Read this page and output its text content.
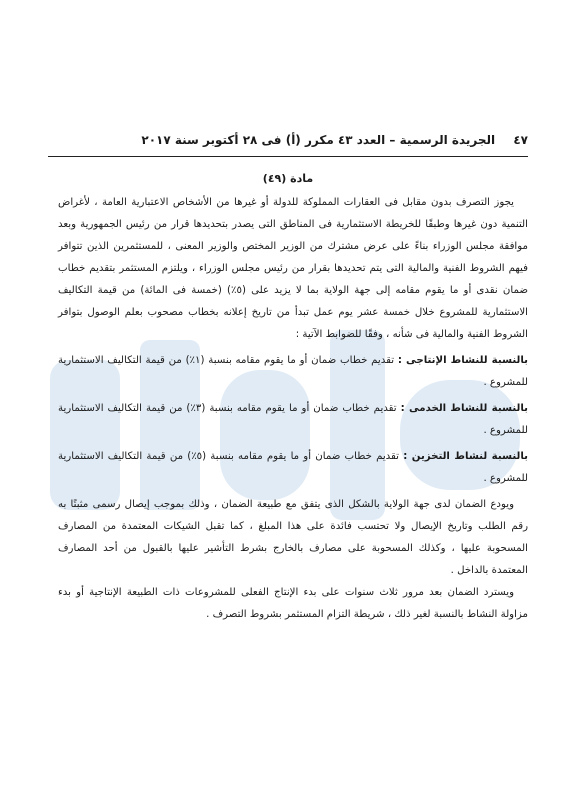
٤٧ الجريدة الرسمية – العدد ٤٣ مكرر (أ) فى ٢٨ أكتوبر سنة ٢٠١٧
مادة (٤٩)

يجوز التصرف بدون مقابل فى العقارات المملوكة للدولة أو غيرها من الأشخاص الاعتبارية العامة ، لأغراض التنمية دون غيرها وطبقًا للخريطة الاستثمارية فى المناطق التى يصدر بتحديدها قرار من رئيس الجمهورية وبعد موافقة مجلس الوزراء بناءً على عرض مشترك من الوزير المختص والوزير المعنى ، للمستثمرين الذين تتوافر فيهم الشروط الفنية والمالية التى يتم تحديدها بقرار من رئيس مجلس الوزراء ، ويلتزم المستثمر بتقديم خطاب ضمان نقدى أو ما يقوم مقامه إلى جهة الولاية بما لا يزيد على (٥٪) (خمسة فى المائة) من قيمة التكاليف الاستثمارية للمشروع خلال خمسة عشر يوم عمل تبدأ من تاريخ إعلانه بخطاب مصحوب بعلم الوصول بتوافر الشروط الفنية والمالية فى شأنه ، وفقًا للضوابط الآتية :

بالنسبة للنشاط الإنتاجى : تقديم خطاب ضمان أو ما يقوم مقامه بنسبة (١٪) من قيمة التكاليف الاستثمارية للمشروع .

بالنسبة للنشاط الخدمى : تقديم خطاب ضمان أو ما يقوم مقامه بنسبة (٣٪) من قيمة التكاليف الاستثمارية للمشروع .

بالنسبة لنشاط التخزين : تقديم خطاب ضمان أو ما يقوم مقامه بنسبة (٥٪) من قيمة التكاليف الاستثمارية للمشروع .

ويودع الضمان لدى جهة الولاية بالشكل الذى يتفق مع طبيعة الضمان ، وذلك بموجب إيصال رسمى مثبتًا به رقم الطلب وتاريخ الإيصال ولا تحتسب فائدة على هذا المبلغ ، كما تقبل الشيكات المعتمدة من المصارف المسحوبة عليها ، وكذلك المسحوبة على مصارف بالخارج بشرط التأشير عليها بالقبول من أحد المصارف المعتمدة بالداخل .

ويسترد الضمان بعد مرور ثلاث سنوات على بدء الإنتاج الفعلى للمشروعات ذات الطبيعة الإنتاجية أو بدء مزاولة النشاط بالنسبة لغير ذلك ، شريطة التزام المستثمر بشروط التصرف .
